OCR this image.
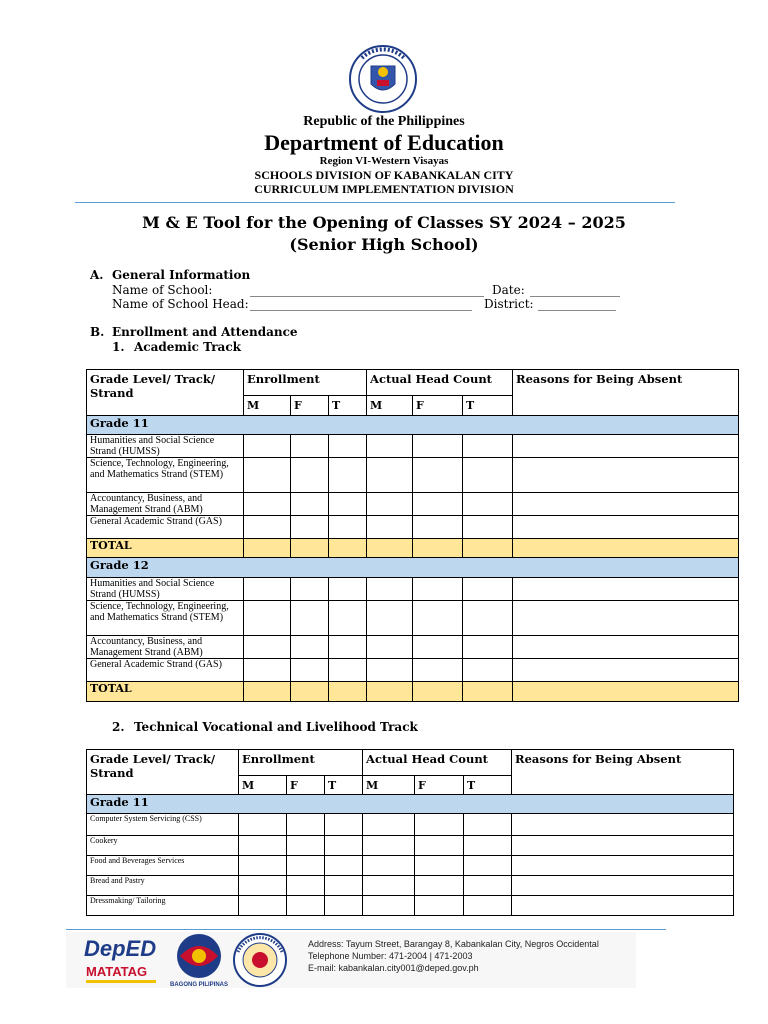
Republic of the Philippines
Department of Education
Region VI-Western Visayas
SCHOOLS DIVISION OF KABANKALAN CITY
CURRICULUM IMPLEMENTATION DIVISION
M & E Tool for the Opening of Classes SY 2024 – 2025
(Senior High School)
A. General Information
Name of School:	_______________________________________ Date: _______________
Name of School Head: _____________________________________ District: _____________
B. Enrollment and Attendance
1. Academic Track
Grade Level/ Track/ Strand	Enrollment			Actual Head Count			Reasons for Being Absent
	M	F	T	M	F	T	
Grade 11							
Humanities and Social Science Strand (HUMSS)							
Science, Technology, Engineering, and Mathematics Strand (STEM)							
Accountancy, Business, and Management Strand (ABM)							
General Academic Strand (GAS)							
TOTAL							
Grade 12							
Humanities and Social Science Strand (HUMSS)							
Science, Technology, Engineering, and Mathematics Strand (STEM)							
Accountancy, Business, and Management Strand (ABM)							
General Academic Strand (GAS)							
TOTAL							
2. Technical Vocational and Livelihood Track
Grade Level/ Track/ Strand	Enrollment			Actual Head Count			Reasons for Being Absent
	M	F	T	M	F	T	
Grade 11							
Computer System Servicing (CSS)							
Cookery							
Food and Beverages Services							
Bread and Pastry							
Dressmaking/ Tailoring							
DepED
MATATAG
BAGONG PILIPINAS
Address: Tayum Street, Barangay 8, Kabankalan City, Negros Occidental
Telephone Number: 471-2004 | 471-2003
E-mail: kabankalan.city001@deped.gov.ph
